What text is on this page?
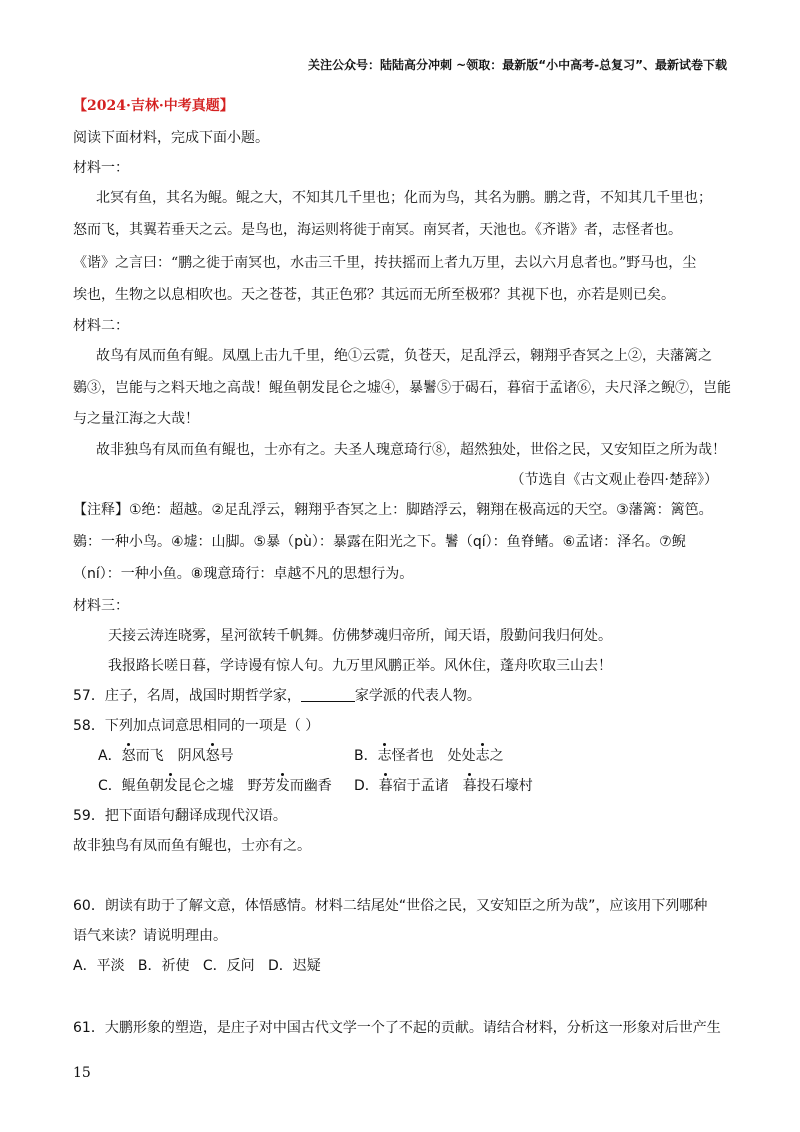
关注公众号：陆陆高分冲刺 ~领取：最新版“小中高考-总复习”、最新试卷下载
【2024·吉林·中考真题】
阅读下面材料，完成下面小题。
材料一：
北冥有鱼，其名为鲲。鲲之大，不知其几千里也；化而为鸟，其名为鹏。鹏之背，不知其几千里也；
怒而飞，其翼若垂天之云。是鸟也，海运则将徙于南冥。南冥者，天池也。《齐谐》者，志怪者也。
《谐》之言曰：“鹏之徙于南冥也，水击三千里，抟扶摇而上者九万里，去以六月息者也。”野马也，尘
埃也，生物之以息相吹也。天之苍苍，其正色邪？其远而无所至极邪？其视下也，亦若是则已矣。
材料二：
故鸟有凤而鱼有鲲。凤凰上击九千里，绝①云霓，负苍天，足乱浮云，翱翔乎杳冥之上②，夫藩篱之
鷃③，岂能与之料天地之高哉！鲲鱼朝发昆仑之墟④，暴鬐⑤于碣石，暮宿于孟诸⑥，夫尺泽之鲵⑦，岂能
与之量江海之大哉！
故非独鸟有凤而鱼有鲲也，士亦有之。夫圣人瑰意琦行⑧，超然独处，世俗之民，又安知臣之所为哉！
（节选自《古文观止卷四·楚辞》）
【注释】①绝：超越。②足乱浮云，翱翔乎杳冥之上：脚踏浮云，翱翔在极高远的天空。③藩篱：篱笆。
鷃：一种小鸟。④墟：山脚。⑤暴（pù）：暴露在阳光之下。鬐（qí）：鱼脊鳍。⑥孟诸：泽名。⑦鲵
（ní）：一种小鱼。⑧瑰意琦行：卓越不凡的思想行为。
材料三：
天接云涛连晓雾，星河欲转千帆舞。仿佛梦魂归帝所，闻天语，殷勤问我归何处。
我报路长嗟日暮，学诗谩有惊人句。九万里风鹏正举。风休住，蓬舟吹取三山去！
57．庄子，名周，战国时期哲学家，	家学派的代表人物。
58．下列加点词意思相同的一项是（ ）
A．怒而飞 阴风怒号	B．志怪者也 处处志之
C．鲲鱼朝发昆仑之墟 野芳发而幽香 D．暮宿于孟诸 暮投石壕村
59．把下面语句翻译成现代汉语。
故非独鸟有凤而鱼有鲲也，士亦有之。
60．朗读有助于了解文意，体悟感情。材料二结尾处“世俗之民，又安知臣之所为哉”，应该用下列哪种
语气来读？请说明理由。
A．平淡   B．祈使   C．反问   D．迟疑
61．大鹏形象的塑造，是庄子对中国古代文学一个了不起的贡献。请结合材料，分析这一形象对后世产生
15
